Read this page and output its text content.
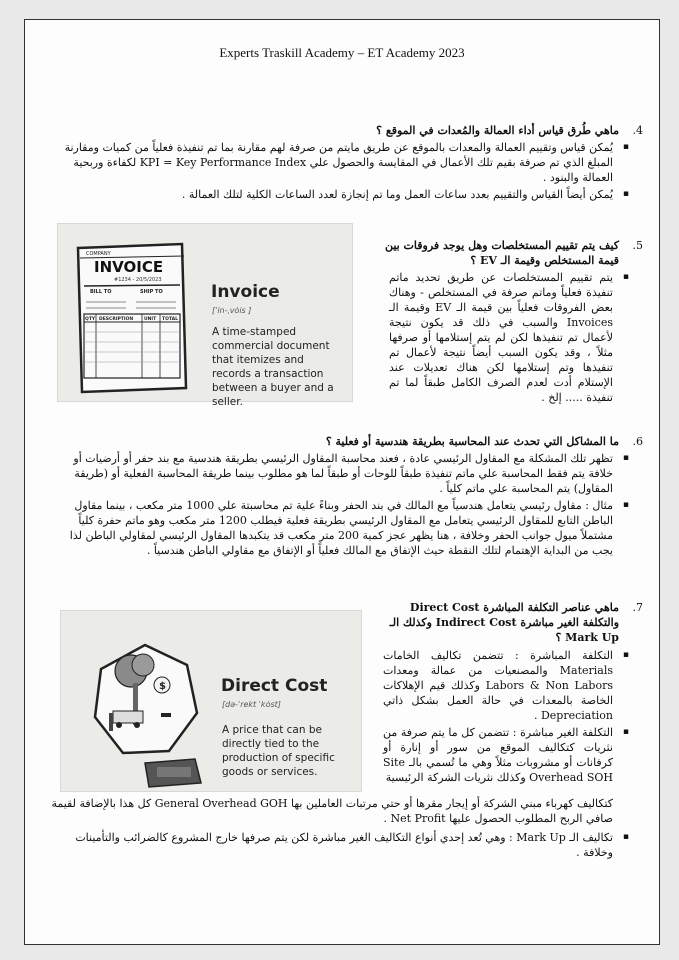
Experts Traskill Academy – ET Academy 2023
.4
ماهي طُرق قياس أداء العمالة والمُعدات في الموقع ؟
▪ يُمكن قياس وتقييم العمالة والمعدات بالموقع عن طريق مايتم من صرفة لهم مقارنة بما تم تنفيذة فعلياً من كميات ومقارنة المبلغ الذي تم صرفة بقيم تلك الأعمال في المقايسة والحصول علي KPI = Key Performance Index لكفاءة وربحية العمالة والبنود .
▪ يُمكن أيضاً القياس والتقييم بعدد ساعات العمل وما تم إنجازة لعدد الساعات الكلية لتلك العمالة .
COMPANY
INVOICE
#1234 - 20/5/2023
BILL TO	SHIP TO
QTY DESCRIPTION UNIT TOTAL
Invoice
[ˈin-ˌvȯis ]
A time-stamped commercial document that itemizes and records a transaction between a buyer and a seller.
.5
كيف يتم تقييم المستخلصات وهل يوجد فروقات بين قيمة المستخلص وقيمة الـ EV ؟
▪ يتم تقييم المستخلصات عن طريق تحديد ماتم تنفيذة فعلياً وماتم صرفة في المستخلص - وهناك بعض الفروقات فعلياً بين قيمة الـ EV وقيمة الـ Invoices والسبب في ذلك قد يكون نتيجة لأعمال تم تنفيذها لكن لم يتم إستلامها أو صرفها مثلاً ، وقد يكون السبب أيضاً نتيجة لأعمال تم تنفيذها وتم إستلامها لكن هناك تعديلات عند الإستلام أدت لعدم الصرف الكامل طبقاً لما تم تنفيذة ..... إلخ .
.6
ما المشاكل التي تحدث عند المحاسبة بطريقة هندسية أو فعلية ؟
▪ تظهر تلك المشكلة مع المقاول الرئيسي عادة ، فعند محاسبة المقاول الرئيسي بطريقة هندسية مع بند حفر أو أرضيات أو خلافة يتم فقط المحاسبة علي ماتم تنفيذة طبقاً للوحات أو طبقاً لما هو مطلوب بينما طريقة المحاسبة الفعلية أو (طريقة المقاول) يتم المحاسبة علي ماتم كلياً .
▪ مثال : مقاول رئيسي يتعامل هندسياً مع المالك في بند الحفر وبناءً علية تم محاسبتة علي 1000 متر مكعب ، بينما مقاول الباطن التابع للمقاول الرئيسي يتعامل مع المقاول الرئيسي بطريقة فعلية فيطلب 1200 متر مكعب وهو ماتم حفرة كلياً مشتملاً ميول جوانب الحفر وخلافة ، هنا يظهر عجز كمية 200 متر مكعب قد يتكبدها المقاول الرئيسي لمقاولي الباطن لذا يجب من البداية الإهتمام لتلك النقطة حيث الإتفاق مع المالك فعلياً أو الإتفاق مع مقاولي الباطن هندسياً .
$	Direct Cost
[də-ˈrekt ˈkȯst]
A price that can be directly tied to the production of specific goods or services.
.7
ماهي عناصر التكلفة المباشرة Direct Cost
والتكلفة الغير مباشرة Indirect Cost وكذلك الـ
Mark Up ؟
▪ التكلفة المباشرة : تتضمن تكاليف الخامات Materials والمصنعيات من عمالة ومعدات Labors & Non Labors وكذلك قيم الإهلاكات الخاصة بالمعدات في حالة العمل بشكل ذاتي Depreciation .
▪ التكلفة الغير مباشرة : تتضمن كل ما يتم صرفة من نثريات كتكاليف الموقع من سور أو إنارة أو كرفانات أو مشروبات مثلاً وهي ما تُسمي بالـ Site Overhead SOH وكذلك نثريات الشركة الرئيسية
كتكاليف كهرباء مبني الشركة أو إيجار مقرها أو حتي مرتبات العاملين بها General Overhead GOH كل هذا بالإضافة لقيمة صافي الربح المطلوب الحصول عليها Net Profit .
▪ تكاليف الـ Mark Up : وهي تُعد إحدي أنواع التكاليف الغير مباشرة لكن يتم صرفها خارج المشروع كالضرائب والتأمينات وخلافة .
